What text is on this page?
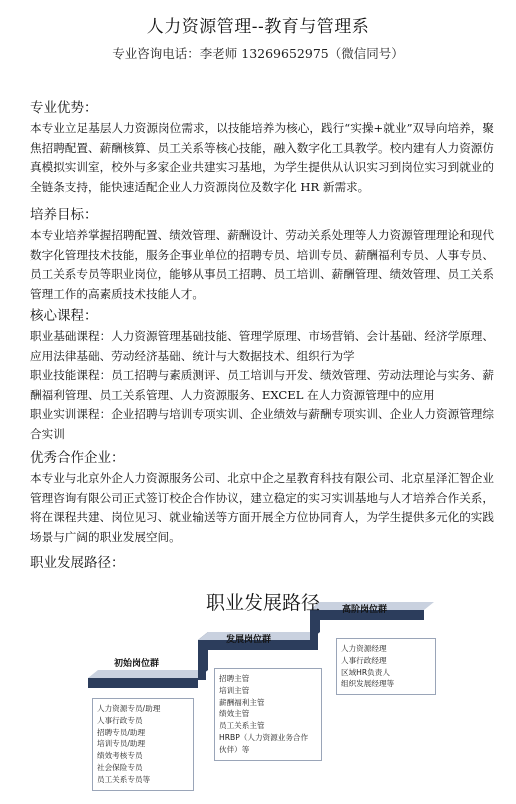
人力资源管理--教育与管理系
专业咨询电话：李老师 13269652975（微信同号）
专业优势：

本专业立足基层人力资源岗位需求，以技能培养为核心，践行“实操+就业”双导向培养，聚焦招聘配置、薪酬核算、员工关系等核心技能，融入数字化工具教学。校内建有人力资源仿真模拟实训室，校外与多家企业共建实习基地，为学生提供从认识实习到岗位实习到就业的全链条支持，能快速适配企业人力资源岗位及数字化 HR 新需求。

培养目标：

本专业培养掌握招聘配置、绩效管理、薪酬设计、劳动关系处理等人力资源管理理论和现代数字化管理技术技能，服务企事业单位的招聘专员、培训专员、薪酬福利专员、人事专员、员工关系专员等职业岗位，能够从事员工招聘、员工培训、薪酬管理、绩效管理、员工关系管理工作的高素质技术技能人才。

核心课程：

职业基础课程：人力资源管理基础技能、管理学原理、市场营销、会计基础、经济学原理、应用法律基础、劳动经济基础、统计与大数据技术、组织行为学

职业技能课程：员工招聘与素质测评、员工培训与开发、绩效管理、劳动法理论与实务、薪酬福利管理、员工关系管理、人力资源服务、EXCEL 在人力资源管理中的应用

职业实训课程：企业招聘与培训专项实训、企业绩效与薪酬专项实训、企业人力资源管理综合实训

优秀合作企业：

本专业与北京外企人力资源服务公司、北京中企之星教育科技有限公司、北京星泽汇智企业管理咨询有限公司正式签订校企合作协议，建立稳定的实习实训基地与人才培养合作关系，将在课程共建、岗位见习、就业输送等方面开展全方位协同育人，为学生提供多元化的实践场景与广阔的职业发展空间。

职业发展路径：
职业发展路径 高阶岗位群
发展岗位群
初始岗位群
人力资源经理
人事行政经理
区域HR负责人
组织发展经理等
招聘主管
培训主管
薪酬福利主管
绩效主管
员工关系主管
HRBP（人力资源业务合作
伙伴）等
人力资源专员/助理
人事行政专员
招聘专员/助理
培训专员/助理
绩效考核专员
社会保险专员
员工关系专员等
